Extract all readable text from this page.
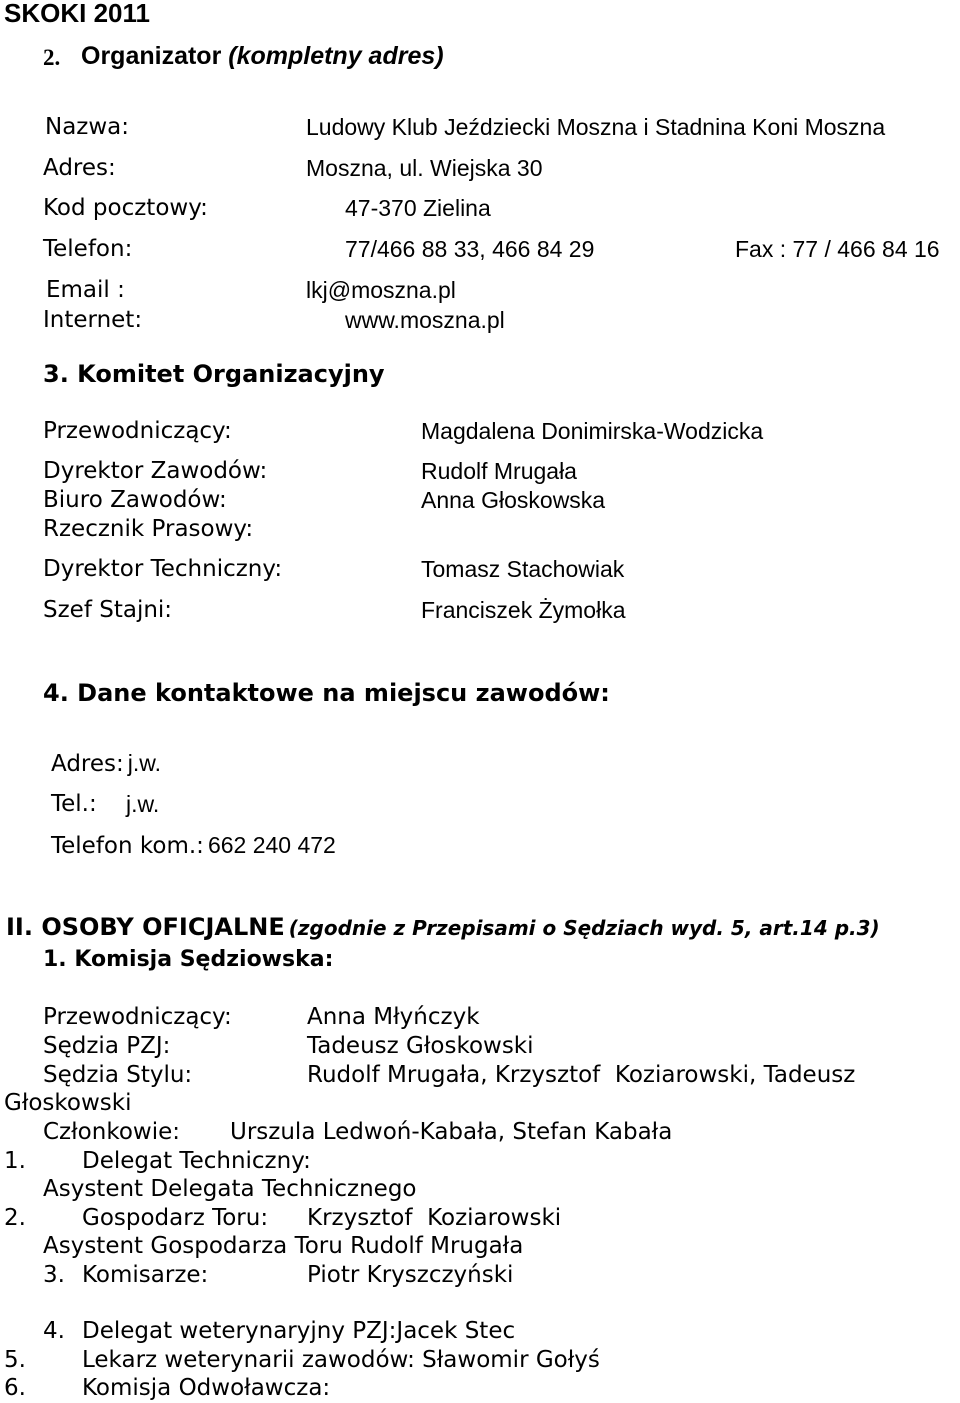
SKOKI 2011
2. Organizator (kompletny adres)
Nazwa:	Ludowy Klub Jeździecki Moszna i Stadnina Koni Moszna
Adres:	Moszna, ul. Wiejska 30
Kod pocztowy:	47-370 Zielina
Telefon:	77/466 88 33, 466 84 29	Fax : 77 / 466 84 16
Email :	lkj@moszna.pl
Internet:	www.moszna.pl
3. Komitet Organizacyjny
Przewodniczący:	Magdalena Donimirska-Wodzicka
Dyrektor Zawodów:	Rudolf Mrugała
Biuro Zawodów:	Anna Głoskowska
Rzecznik Prasowy:
Dyrektor Techniczny:	Tomasz Stachowiak
Szef Stajni:	Franciszek Żymołka
4. Dane kontaktowe na miejscu zawodów:
Adres: j.w.
Tel.: j.w.
Telefon kom.: 662 240 472
II. OSOBY OFICJALNE (zgodnie z Przepisami o Sędziach wyd. 5, art.14 p.3)
1. Komisja Sędziowska:
Przewodniczący:	Anna Młyńczyk
Sędzia PZJ:	Tadeusz Głoskowski
Sędzia Stylu:	Rudolf Mrugała, Krzysztof  Koziarowski, Tadeusz
Głoskowski
Członkowie: Urszula Ledwoń-Kabała, Stefan Kabała
1. Delegat Techniczny:
Asystent Delegata Technicznego
2. Gospodarz Toru: Krzysztof  Koziarowski
Asystent Gospodarza Toru Rudolf Mrugała
3. Komisarze:	Piotr Kryszczyński
4. Delegat weterynaryjny PZJ:Jacek Stec
5. Lekarz weterynarii zawodów: Sławomir Gołyś
6. Komisja Odwoławcza:
